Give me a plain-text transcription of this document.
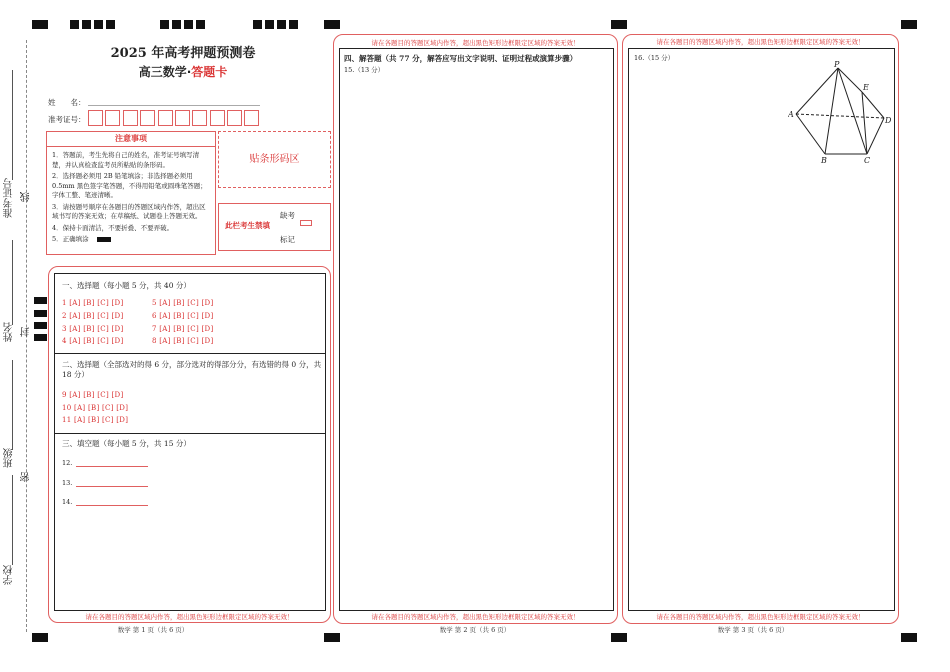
准考证号 线
姓名 封
班级
密
学校
2025 年高考押题预测卷
高三数学·答题卡
姓　　名：
准考证号：
注意事项
1．答题前，考生先将自己的姓名，准考证号填写清楚，并认真检查监考员所粘贴的条形码。
2．选择题必须用 2B 铅笔填涂；非选择题必须用 0.5mm 黑色签字笔答题，不得用铅笔或圆珠笔答题；字体工整、笔迹清晰。
3．请按题号顺序在各题目的答题区域内作答，超出区域书写的答案无效；在草稿纸、试题卷上答题无效。
4．保持卡面清洁，不要折叠、不要弄破。
5．正确填涂
贴条形码区
此栏考生禁填
缺考
标记
一、选择题（每小题 5 分，共 40 分）
1 [A] [B] [C] [D]
2 [A] [B] [C] [D]
3 [A] [B] [C] [D]
4 [A] [B] [C] [D]
5 [A] [B] [C] [D]
6 [A] [B] [C] [D]
7 [A] [B] [C] [D]
8 [A] [B] [C] [D]
二、选择题（全部选对的得 6 分，部分选对的得部分分，有选错的得 0 分，共 18 分）
9 [A] [B] [C] [D]
10 [A] [B] [C] [D]
11 [A] [B] [C] [D]
三、填空题（每小题 5 分，共 15 分）
12.
13.
14.
请在各题目的答题区域内作答，超出黑色矩形边框限定区域的答案无效！
数学 第 1 页（共 6 页）
请在各题目的答题区域内作答，超出黑色矩形边框限定区域的答案无效！
四、解答题（共 77 分，解答应写出文字说明、证明过程或演算步骤）
15.（13 分）
请在各题目的答题区域内作答，超出黑色矩形边框限定区域的答案无效！
数学 第 2 页（共 6 页）
请在各题目的答题区域内作答，超出黑色矩形边框限定区域的答案无效！
16.（15 分）
P
E
A
D
B	C
请在各题目的答题区域内作答，超出黑色矩形边框限定区域的答案无效！
数学 第 3 页（共 6 页）
